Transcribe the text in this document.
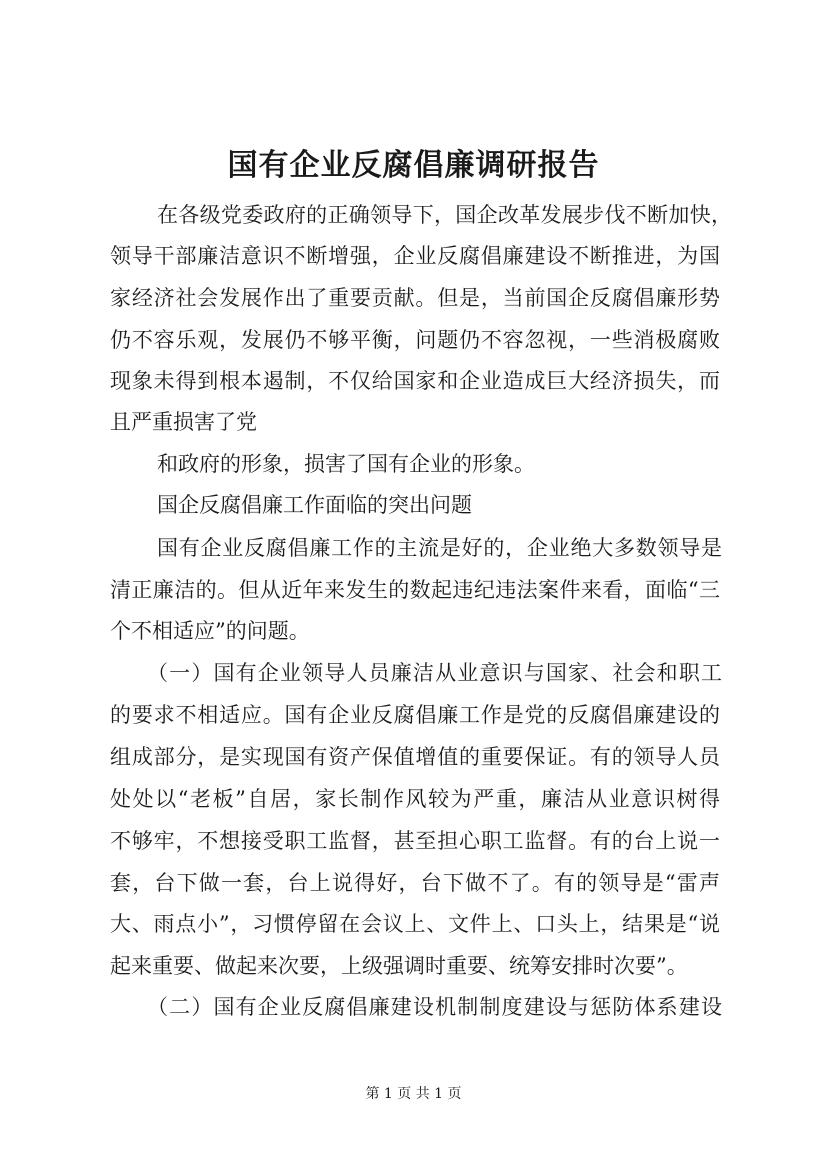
国有企业反腐倡廉调研报告
在各级党委政府的正确领导下，国企改革发展步伐不断加快，
领导干部廉洁意识不断增强，企业反腐倡廉建设不断推进，为国
家经济社会发展作出了重要贡献。但是，当前国企反腐倡廉形势
仍不容乐观，发展仍不够平衡，问题仍不容忽视，一些消极腐败
现象未得到根本遏制，不仅给国家和企业造成巨大经济损失，而
且严重损害了党
和政府的形象，损害了国有企业的形象。
国企反腐倡廉工作面临的突出问题
国有企业反腐倡廉工作的主流是好的，企业绝大多数领导是
清正廉洁的。但从近年来发生的数起违纪违法案件来看，面临“三
个不相适应”的问题。
（一）国有企业领导人员廉洁从业意识与国家、社会和职工
的要求不相适应。国有企业反腐倡廉工作是党的反腐倡廉建设的
组成部分，是实现国有资产保值增值的重要保证。有的领导人员
处处以“老板”自居，家长制作风较为严重，廉洁从业意识树得
不够牢，不想接受职工监督，甚至担心职工监督。有的台上说一
套，台下做一套，台上说得好，台下做不了。有的领导是“雷声
大、雨点小”，习惯停留在会议上、文件上、口头上，结果是“说
起来重要、做起来次要，上级强调时重要、统筹安排时次要”。
（二）国有企业反腐倡廉建设机制制度建设与惩防体系建设
第 1 页 共 1 页
